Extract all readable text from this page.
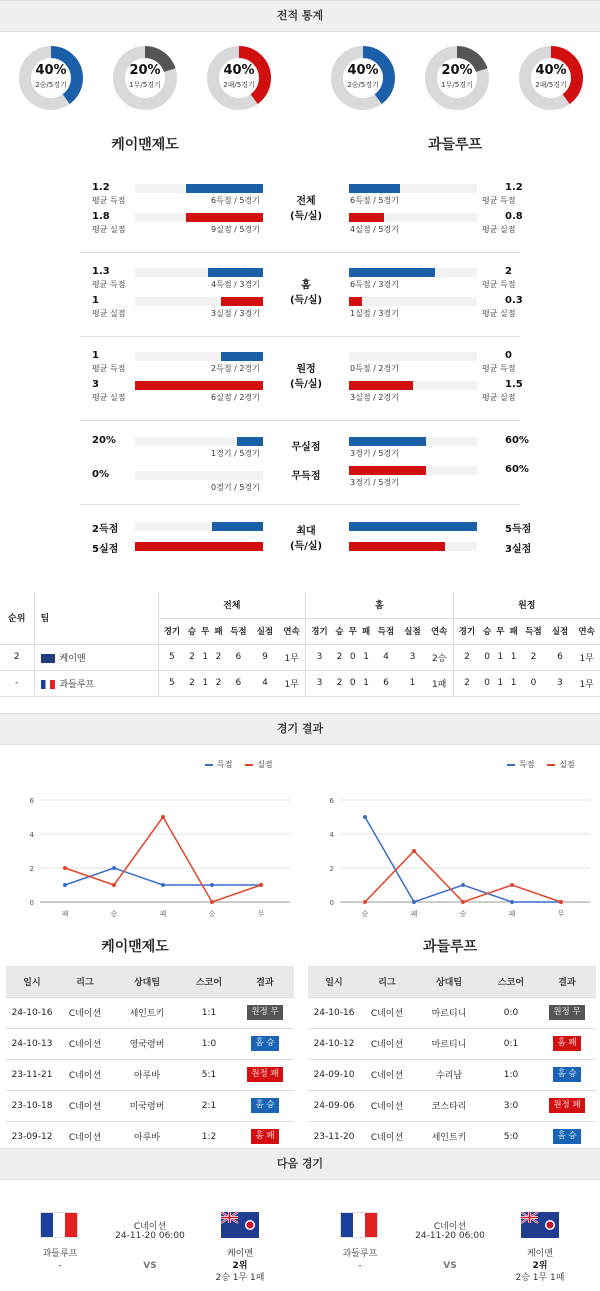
전적 통계
40%
2승/5경기
20%
1무/5경기
40%
2패/5경기
40%
2승/5경기
20%
1무/5경기
40%
2패/5경기
케이맨제도	과들루프
1.2
평균 득점	6득점 / 5경기
1.8
평균 실점	9실점 / 5경기
1.2
평균 득점
6득점 / 5경기
0.8
평균 실점
4실점 / 5경기
전체
(득/실)
1.3
평균 득점	4득점 / 3경기
1
평균 실점	3실점 / 3경기
2
평균 득점
6득점 / 3경기
0.3
평균 실점
1실점 / 3경기
홈
(득/실)
1
평균 득점	2득점 / 2경기
3
평균 실점	6실점 / 2경기
0
평균 득점
0득점 / 2경기
1.5
평균 실점
3실점 / 2경기
원정
(득/실)
20%
1경기 / 5경기
0%
0경기 / 5경기
60%
3경기 / 5경기
60%
3경기 / 5경기
무실점
무득점
2득점
5실점
5득점
3실점
최대
(득/실)
순위	팀	전체							홈							원정						
		경기	승	무	패	득점	실점	연속	경기	승	무	패	득점	실점	연속	경기	승	무	패	득점	실점	연속
2	케이맨	5	2	1	2	6	9	1무	3	2	0	1	4	3	2승	2	0	1	1	2	6	1무
-	과들루프	5	2	1	2	6	4	1무	3	2	0	1	6	1	1패	2	0	1	1	0	3	1무
경기 결과
득점	실점	득점	실점
0
2
4
6
패	승	패	승	무
0
2
4
6
승	패	승	패	무
케이맨제도	과들루프
일시	리그	상대팀	스코어	결과
24-10-16	C네이션	세인트키	1:1	원정 무
24-10-13	C네이션	영국령버	1:0	홈 승
23-11-21	C네이션	아루바	5:1	원정 패
23-10-18	C네이션	미국령버	2:1	홈 승
23-09-12	C네이션	아루바	1:2	홈 패
일시	리그	상대팀	스코어	결과
24-10-16	C네이션	마르티니	0:0	원정 무
24-10-12	C네이션	마르티니	0:1	홈 패
24-09-10	C네이션	수리남	1:0	홈 승
24-09-06	C네이션	코스타리	3:0	원정 패
23-11-20	C네이션	세인트키	5:0	홈 승
다음 경기
과들루프
-
C네이션
24-11-20 06:00
VS
케이맨
2위
2승 1무 1패
과들루프
-
C네이션
24-11-20 06:00
VS
케이맨
2위
2승 1무 1패
